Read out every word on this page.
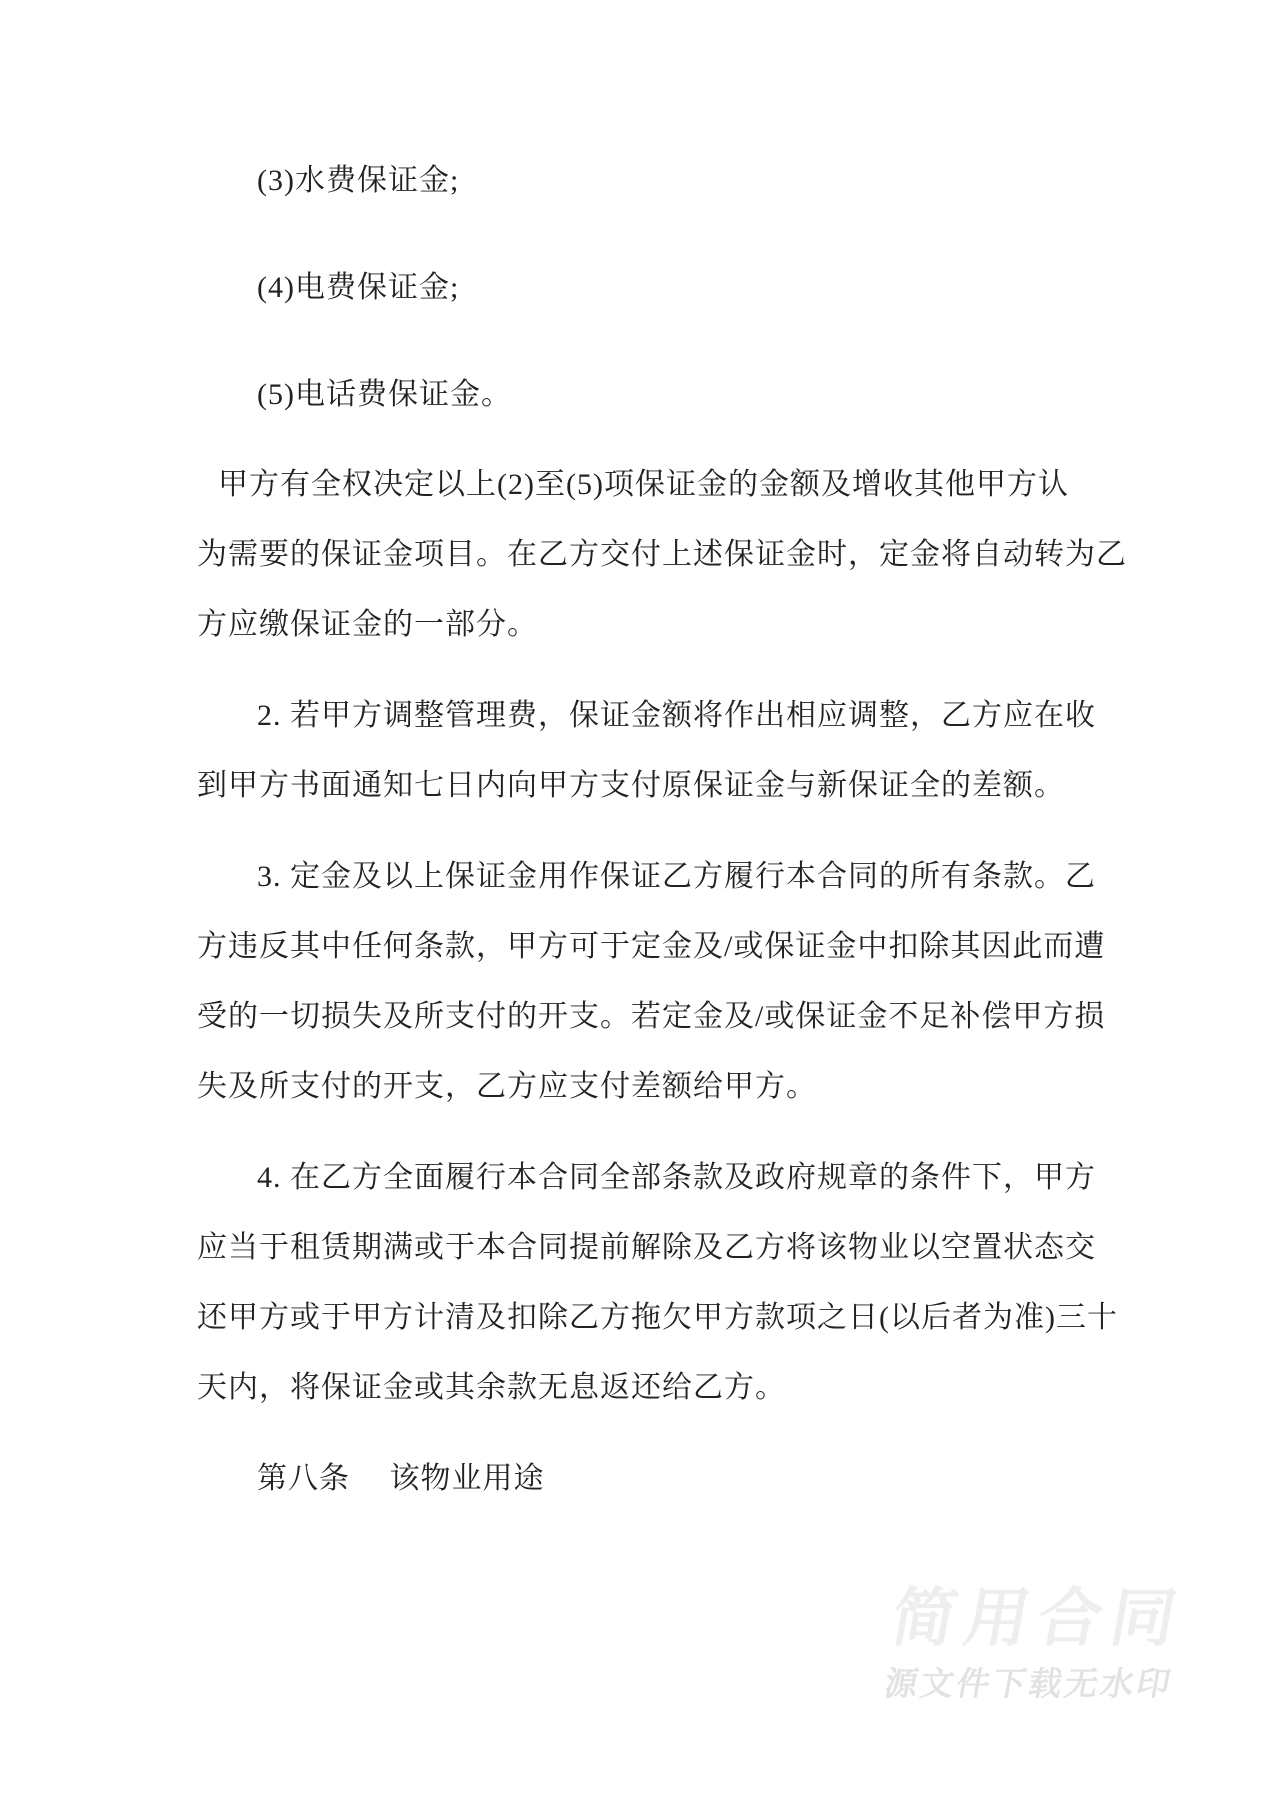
(3)水费保证金;
(4)电费保证金;
(5)电话费保证金。
甲方有全权决定以上(2)至(5)项保证金的金额及增收其他甲方认
为需要的保证金项目。在乙方交付上述保证金时，定金将自动转为乙
方应缴保证金的一部分。
2. 若甲方调整管理费，保证金额将作出相应调整，乙方应在收
到甲方书面通知七日内向甲方支付原保证金与新保证全的差额。
3. 定金及以上保证金用作保证乙方履行本合同的所有条款。乙
方违反其中任何条款，甲方可于定金及/或保证金中扣除其因此而遭
受的一切损失及所支付的开支。若定金及/或保证金不足补偿甲方损
失及所支付的开支，乙方应支付差额给甲方。
4. 在乙方全面履行本合同全部条款及政府规章的条件下，甲方
应当于租赁期满或于本合同提前解除及乙方将该物业以空置状态交
还甲方或于甲方计清及扣除乙方拖欠甲方款项之日(以后者为准)三十
天内，将保证金或其余款无息返还给乙方。
第八条　 该物业用途
简用合同
源文件下载无水印
